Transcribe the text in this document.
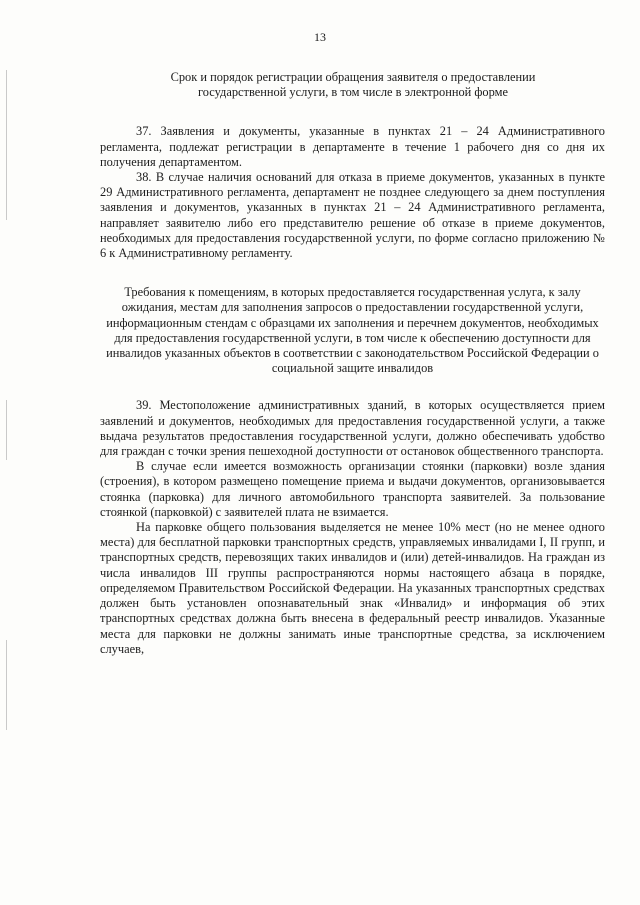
13

Срок и порядок регистрации обращения заявителя о предоставлении государственной услуги, в том числе в электронной форме

37. Заявления и документы, указанные в пунктах 21 – 24 Административного регламента, подлежат регистрации в департаменте в течение 1 рабочего дня со дня их получения департаментом.

38. В случае наличия оснований для отказа в приеме документов, указанных в пункте 29 Административного регламента, департамент не позднее следующего за днем поступления заявления и документов, указанных в пунктах 21 – 24 Административного регламента, направляет заявителю либо его представителю решение об отказе в приеме документов, необходимых для предоставления государственной услуги, по форме согласно приложению № 6 к Административному регламенту.

Требования к помещениям, в которых предоставляется государственная услуга, к залу ожидания, местам для заполнения запросов о предоставлении государственной услуги, информационным стендам с образцами их заполнения и перечнем документов, необходимых для предоставления государственной услуги, в том числе к обеспечению доступности для инвалидов указанных объектов в соответствии с законодательством Российской Федерации о социальной защите инвалидов

39. Местоположение административных зданий, в которых осуществляется прием заявлений и документов, необходимых для предоставления государственной услуги, а также выдача результатов предоставления государственной услуги, должно обеспечивать удобство для граждан с точки зрения пешеходной доступности от остановок общественного транспорта.

В случае если имеется возможность организации стоянки (парковки) возле здания (строения), в котором размещено помещение приема и выдачи документов, организовывается стоянка (парковка) для личного автомобильного транспорта заявителей. За пользование стоянкой (парковкой) с заявителей плата не взимается.

На парковке общего пользования выделяется не менее 10% мест (но не менее одного места) для бесплатной парковки транспортных средств, управляемых инвалидами I, II групп, и транспортных средств, перевозящих таких инвалидов и (или) детей-инвалидов. На граждан из числа инвалидов III группы распространяются нормы настоящего абзаца в порядке, определяемом Правительством Российской Федерации. На указанных транспортных средствах должен быть установлен опознавательный знак «Инвалид» и информация об этих транспортных средствах должна быть внесена в федеральный реестр инвалидов. Указанные места для парковки не должны занимать иные транспортные средства, за исключением случаев,
